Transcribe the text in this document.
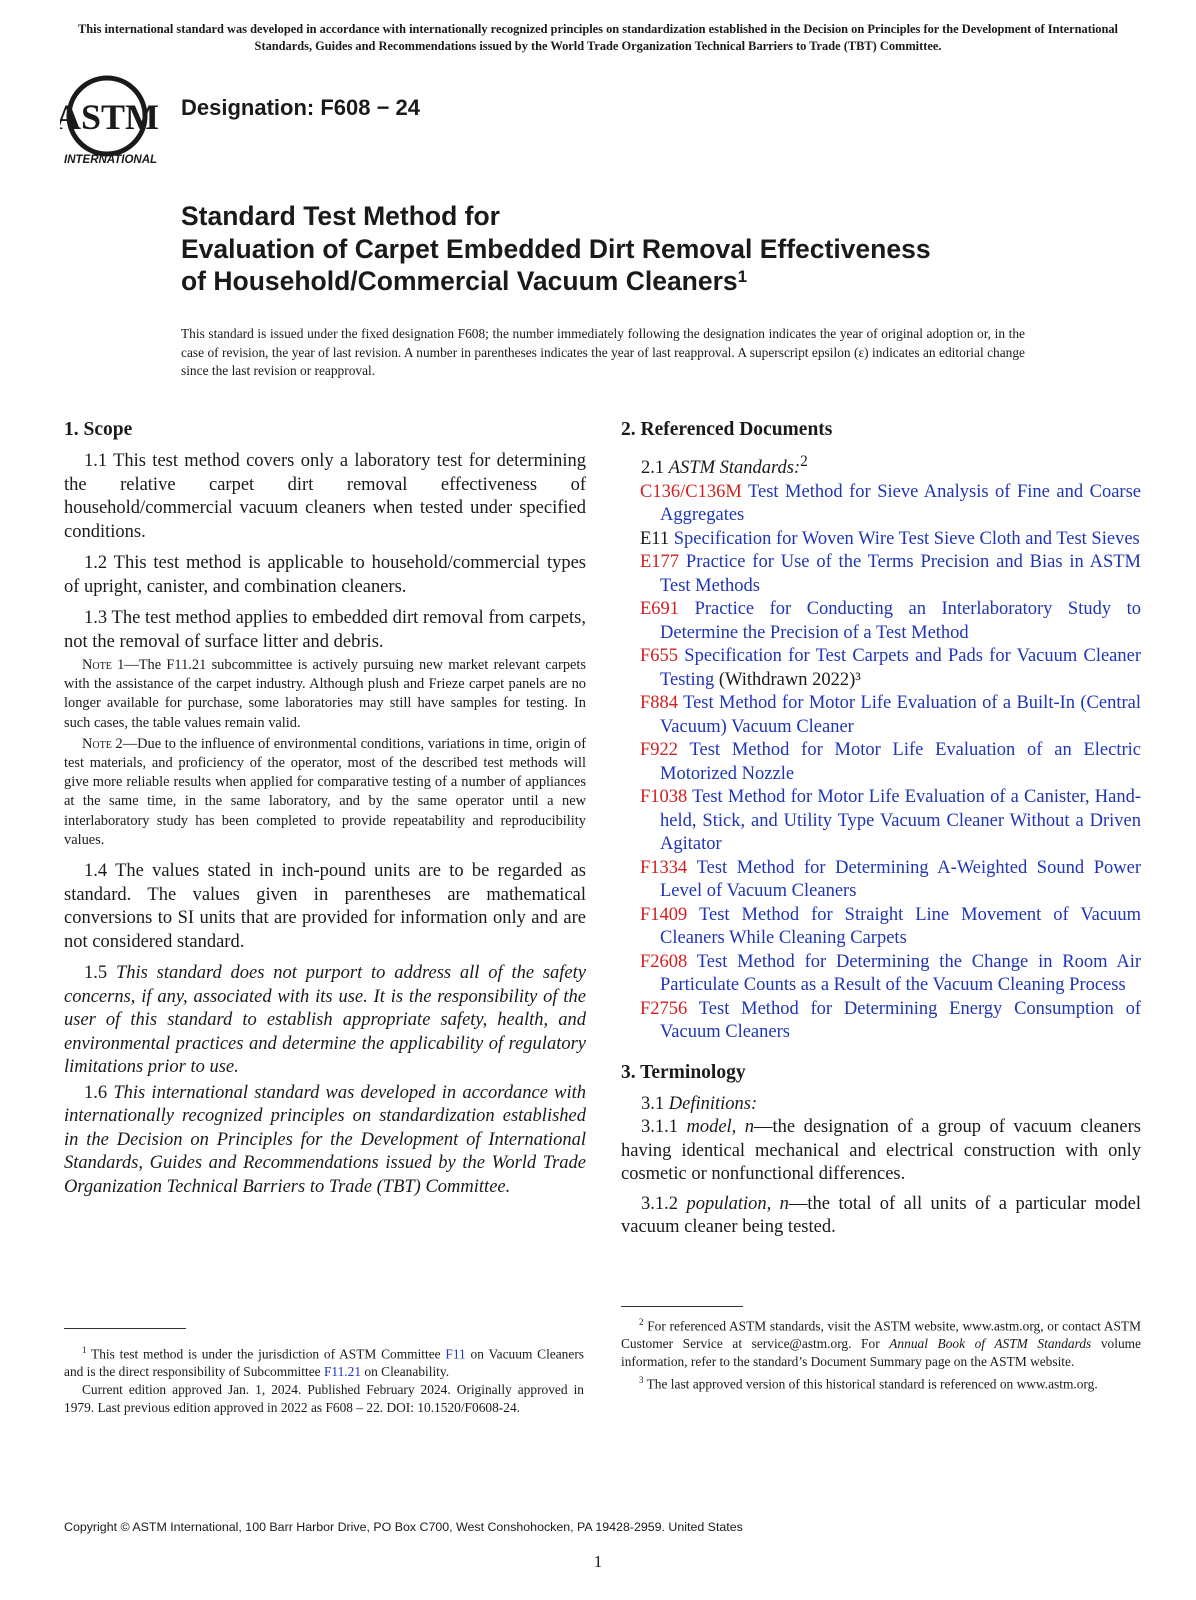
This international standard was developed in accordance with internationally recognized principles on standardization established in the Decision on Principles for the Development of International Standards, Guides and Recommendations issued by the World Trade Organization Technical Barriers to Trade (TBT) Committee.
ASTM
INTERNATIONAL
Designation: F608 − 24
Standard Test Method for
Evaluation of Carpet Embedded Dirt Removal Effectiveness
of Household/Commercial Vacuum Cleaners$^1$
This standard is issued under the fixed designation F608; the number immediately following the designation indicates the year of original adoption or, in the case of revision, the year of last revision. A number in parentheses indicates the year of last reapproval. A superscript epsilon (ε) indicates an editorial change since the last revision or reapproval.
1. Scope

1.1 This test method covers only a laboratory test for determining the relative carpet dirt removal effectiveness of household/commercial vacuum cleaners when tested under specified conditions.

1.2 This test method is applicable to household/commercial types of upright, canister, and combination cleaners.

1.3 The test method applies to embedded dirt removal from carpets, not the removal of surface litter and debris.

Note 1—The F11.21 subcommittee is actively pursuing new market relevant carpets with the assistance of the carpet industry. Although plush and Frieze carpet panels are no longer available for purchase, some laboratories may still have samples for testing. In such cases, the table values remain valid.

Note 2—Due to the influence of environmental conditions, variations in time, origin of test materials, and proficiency of the operator, most of the described test methods will give more reliable results when applied for comparative testing of a number of appliances at the same time, in the same laboratory, and by the same operator until a new interlaboratory study has been completed to provide repeatability and reproducibility values.

1.4 The values stated in inch-pound units are to be regarded as standard. The values given in parentheses are mathematical conversions to SI units that are provided for information only and are not considered standard.

1.5 This standard does not purport to address all of the safety concerns, if any, associated with its use. It is the responsibility of the user of this standard to establish appropriate safety, health, and environmental practices and determine the applicability of regulatory limitations prior to use.

1.6 This international standard was developed in accordance with internationally recognized principles on standardization established in the Decision on Principles for the Development of International Standards, Guides and Recommendations issued by the World Trade Organization Technical Barriers to Trade (TBT) Committee.

2. Referenced Documents

2.1 ASTM Standards:$^2$

C136/C136M Test Method for Sieve Analysis of Fine and Coarse Aggregates

E11 Specification for Woven Wire Test Sieve Cloth and Test Sieves

E177 Practice for Use of the Terms Precision and Bias in ASTM Test Methods

E691 Practice for Conducting an Interlaboratory Study to Determine the Precision of a Test Method

F655 Specification for Test Carpets and Pads for Vacuum Cleaner Testing (Withdrawn 2022)³

F884 Test Method for Motor Life Evaluation of a Built-In (Central Vacuum) Vacuum Cleaner

F922 Test Method for Motor Life Evaluation of an Electric Motorized Nozzle

F1038 Test Method for Motor Life Evaluation of a Canister, Hand-held, Stick, and Utility Type Vacuum Cleaner Without a Driven Agitator

F1334 Test Method for Determining A-Weighted Sound Power Level of Vacuum Cleaners

F1409 Test Method for Straight Line Movement of Vacuum Cleaners While Cleaning Carpets

F2608 Test Method for Determining the Change in Room Air Particulate Counts as a Result of the Vacuum Cleaning Process

F2756 Test Method for Determining Energy Consumption of Vacuum Cleaners

3. Terminology

3.1 Definitions:

3.1.1 model, n—the designation of a group of vacuum cleaners having identical mechanical and electrical construction with only cosmetic or nonfunctional differences.

3.1.2 population, n—the total of all units of a particular model vacuum cleaner being tested.

$^1$ This test method is under the jurisdiction of ASTM Committee F11 on Vacuum Cleaners and is the direct responsibility of Subcommittee F11.21 on Cleanability.
Current edition approved Jan. 1, 2024. Published February 2024. Originally approved in 1979. Last previous edition approved in 2022 as F608 – 22. DOI: 10.1520/F0608-24.
$^2$ For referenced ASTM standards, visit the ASTM website, www.astm.org, or contact ASTM Customer Service at service@astm.org. For Annual Book of ASTM Standards volume information, refer to the standard’s Document Summary page on the ASTM website.
$^3$ The last approved version of this historical standard is referenced on www.astm.org.
Copyright © ASTM International, 100 Barr Harbor Drive, PO Box C700, West Conshohocken, PA 19428-2959. United States
1
